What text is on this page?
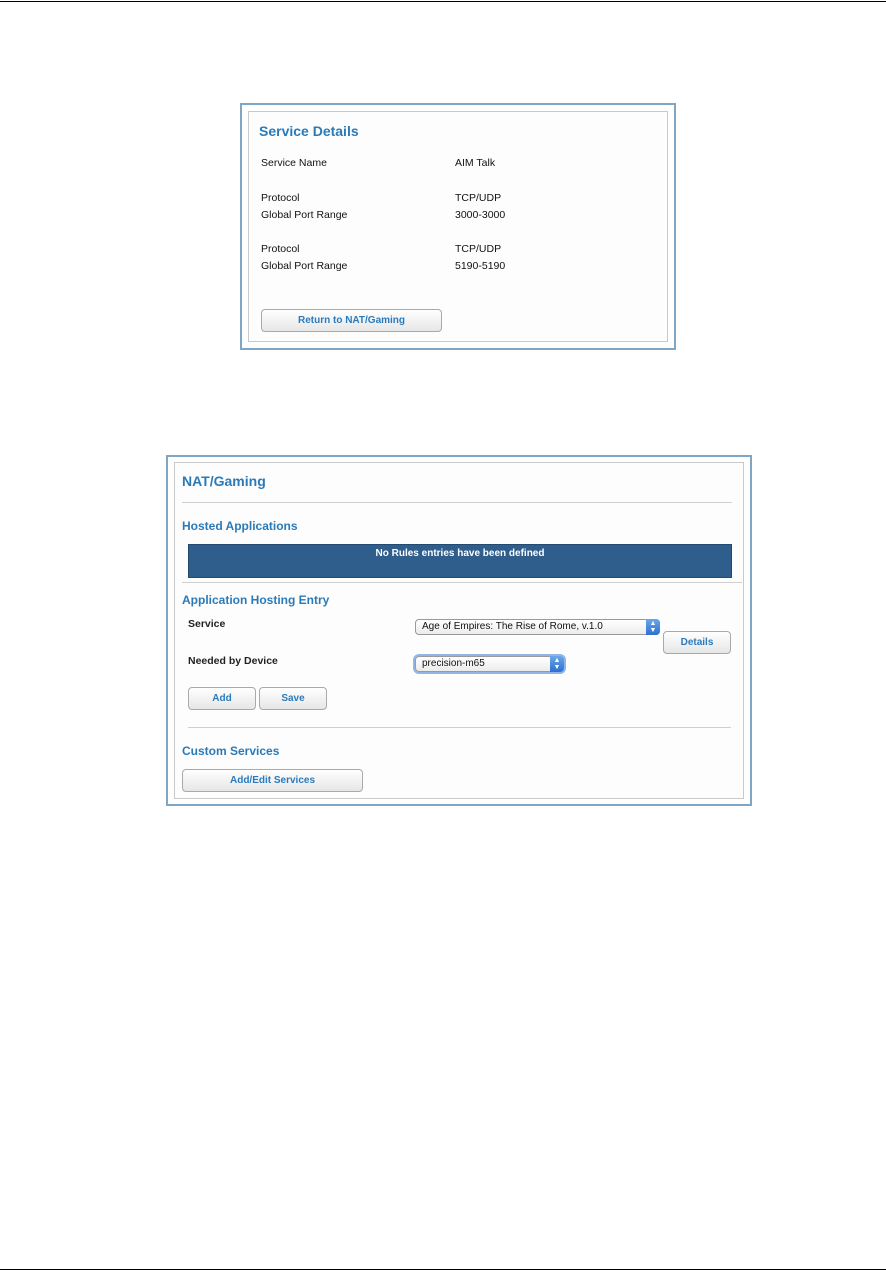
Service Details
Service Name	AIM Talk
Protocol	TCP/UDP
Global Port Range	3000-3000
Protocol	TCP/UDP
Global Port Range	5190-5190
Return to NAT/Gaming
NAT/Gaming
Hosted Applications
No Rules entries have been defined
Application Hosting Entry
Service	Age of Empires: The Rise of Rome, v.1.0	▲
▼
Details
Needed by Device	precision-m65	▲
▼
Add	Save
Custom Services
Add/Edit Services
